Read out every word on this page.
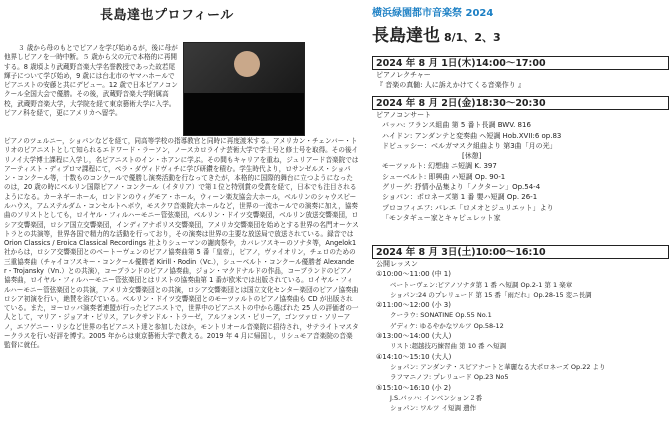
長島達也プロフィール
３ 歳から母のもとでピアノを学び始めるが，後に母が他界しピアノを一時中断。５ 歳から父の元で本格的に再開する。8 歳頃より武蔵野音楽大学名誉教授であった故若尾輝子について学び始め，9 歳には台北市のヤマハホールでピアニストの安藤と共にデビュー。12 歳で日本ピアノコンクール全国大会で優勝。その後，武蔵野音楽大学附属高校，武蔵野音楽大学，大学院を経て東京藝術大学に入学。ピアノ科を経て，更にアメリカへ留学。
ピアノのツェルニー，ショパンなどを経て，同高等学校の指導教官と同時に再度渡米する。アメリカン・チェンバー・トリオのピアニストとして知られるエドワード・ラーソン，ノースカロライナ芸術大学で学士号と修士号を取得。その後イリノイ大学博士課程に入学し，名ピアニストのイン・ホアンに学ぶ。その間もキャリアを重ね，ジュリアード音楽院ではアーティスト・ディプロマ課程にて，ペラ・ダヴィドヴィチに学び研鑽を積む。学生時代より，ロサンゼルス・ショパン・コンクール等，十数ものコンクールで優勝し演奏活動を行なってきたが，本格的に国際的舞台に立つようになったのは，20 歳の時にベルリン国際ピアノ・コンクール（イタリア）で第１位と特別賞の受賞を経て，日本でも注目されるようになる。カーネギーホール，ロンドンのウィグモア・ホール，ウィーン楽友協会大ホール，ベルリンのシャウスピールハウス，アムステルダム・コンセルトヘボウ，モスクワ音楽院大ホールなど，世界の一流ホールでの演奏に加え，協奏曲のソリストとしても，ロイヤル・フィルハーモニー管弦楽団，ベルリン・ドイツ交響楽団，ベルリン放送交響楽団，ロシア交響楽団，ロシア国立交響楽団，インディアナポリス交響楽団，アメリカ交響楽団を始めとする世界の名門オーケストラとの共演等，世界各国で精力的な活動を行っており，その演奏は世界の主要な放送局で放送されている。録音では Orion Classics / Eroica Classical Recordings 社よりシューマンの謝肉祭や，カバレフスキーのソナタ等，Angelok1 社からは，ロシア交響楽団とのベートーヴェンのピアノ協奏曲第 5 番「皇帝」，ピアノ，ヴァイオリン，チェロのための三重協奏曲（チャイコフスキー・コンクール優勝者 Kirill・Rodin（Vc.），シューベルト・コンクール優勝者 Alexander・Trojansky（Vn.）との共演），コープランドのピアノ協奏曲，ジョン・マクドナルドの作品，コープランドのピアノ協奏曲，ロイヤル・フィルハーモニー管弦楽団とはリストの協奏曲第 1 番が欧米では出版されている。ロイヤル・フィルハーモニー管弦楽団との共演，アメリカ交響楽団との共演，ロシア交響楽団とは国立文化センター楽団のピアノ協奏曲ロシア初演を行い，絶賛を浴びている。ベルリン・ドイツ交響楽団とのモーツァルトのピアノ協奏曲も CD が出版されている。また，ヨーロッパ演奏者連盟が行ったピアニストで，世界中のピアニストの中から選ばれた 25 人の評価者の一人として，マリア・ジョアオ・ピリス，アレクサンドル・トラーゼ，アルフォンス・ピリーア，ゴンツァロ・ソリーアノ，エフゲニー・リシなど世界の名ピアニスト達と参加したほか，モントリオール音楽院に招待され，サテライトマスタークラスを行い好評を博す。2005 年からは東京藝術大学で教える。2019 年 4 月に帰国し，リシュモア音楽院の音楽監督に就任。
横浜緑園都市音楽祭 2024
長島達也 8/1、2、3
2024 年 8 月 1日(木)14:00〜17:00
ピアノレクチャー
『 音楽の真髄: 人に訴えかけてくる音楽作り 』
2024 年 8 月 2日(金)18:30〜20:30
ピアノコンサート
バッハ: フランス組曲 第 5 番ト長調 BWV. 816
ハイドン: アンダンテと変奏曲 ヘ短調 Hob.XVII:6 op.83
ドビュッシー：ベルガマスク組曲より 第3曲「月の光」
[休憩]
モーツァルト: 幻想曲 ニ短調 K. 397
シューベルト: 即興曲 ハ短調 Op. 90-1
グリーグ: 抒情小品集より「ノクターン」Op.54-4
ショパン：ポロネーズ第 1 番 嬰ハ短調 Op. 26-1
プロコフィエフ: バレエ「ロメオとジュリエット」より
「モンタギュー家とキャピュレット家
2024 年 8 月 3日(土)10:00〜16:10
公開レッスン
①10:00〜11:00 (中 1)
ベートーヴェン:ピアノソナタ第 1 番 ヘ短調 Op.2-1 第 1 楽章
ショパン:24 のプレリュード 第 15 番「雨だれ」Op.28-15 変ニ長調
②11:00〜12:00 (小 3)
クーラウ: SONATINE Op.55 No.1
ゲディケ: ゆるやかなワルツ Op.58-12
③13:00〜14:00 (大人)
リスト:超越技巧練習曲 第 10 番 ヘ短調
④14:10〜15:10 (大人)
ショパン: アンダンテ・スピアナートと華麗なる大ポロネーズ Op.22 より
ラフマニノフ: プレリュード Op.23 No5
⑤15:10〜16:10 (小 2)
J.S.バッハ: インベンション２番
ショパン: ワルツ イ短調 遺作
